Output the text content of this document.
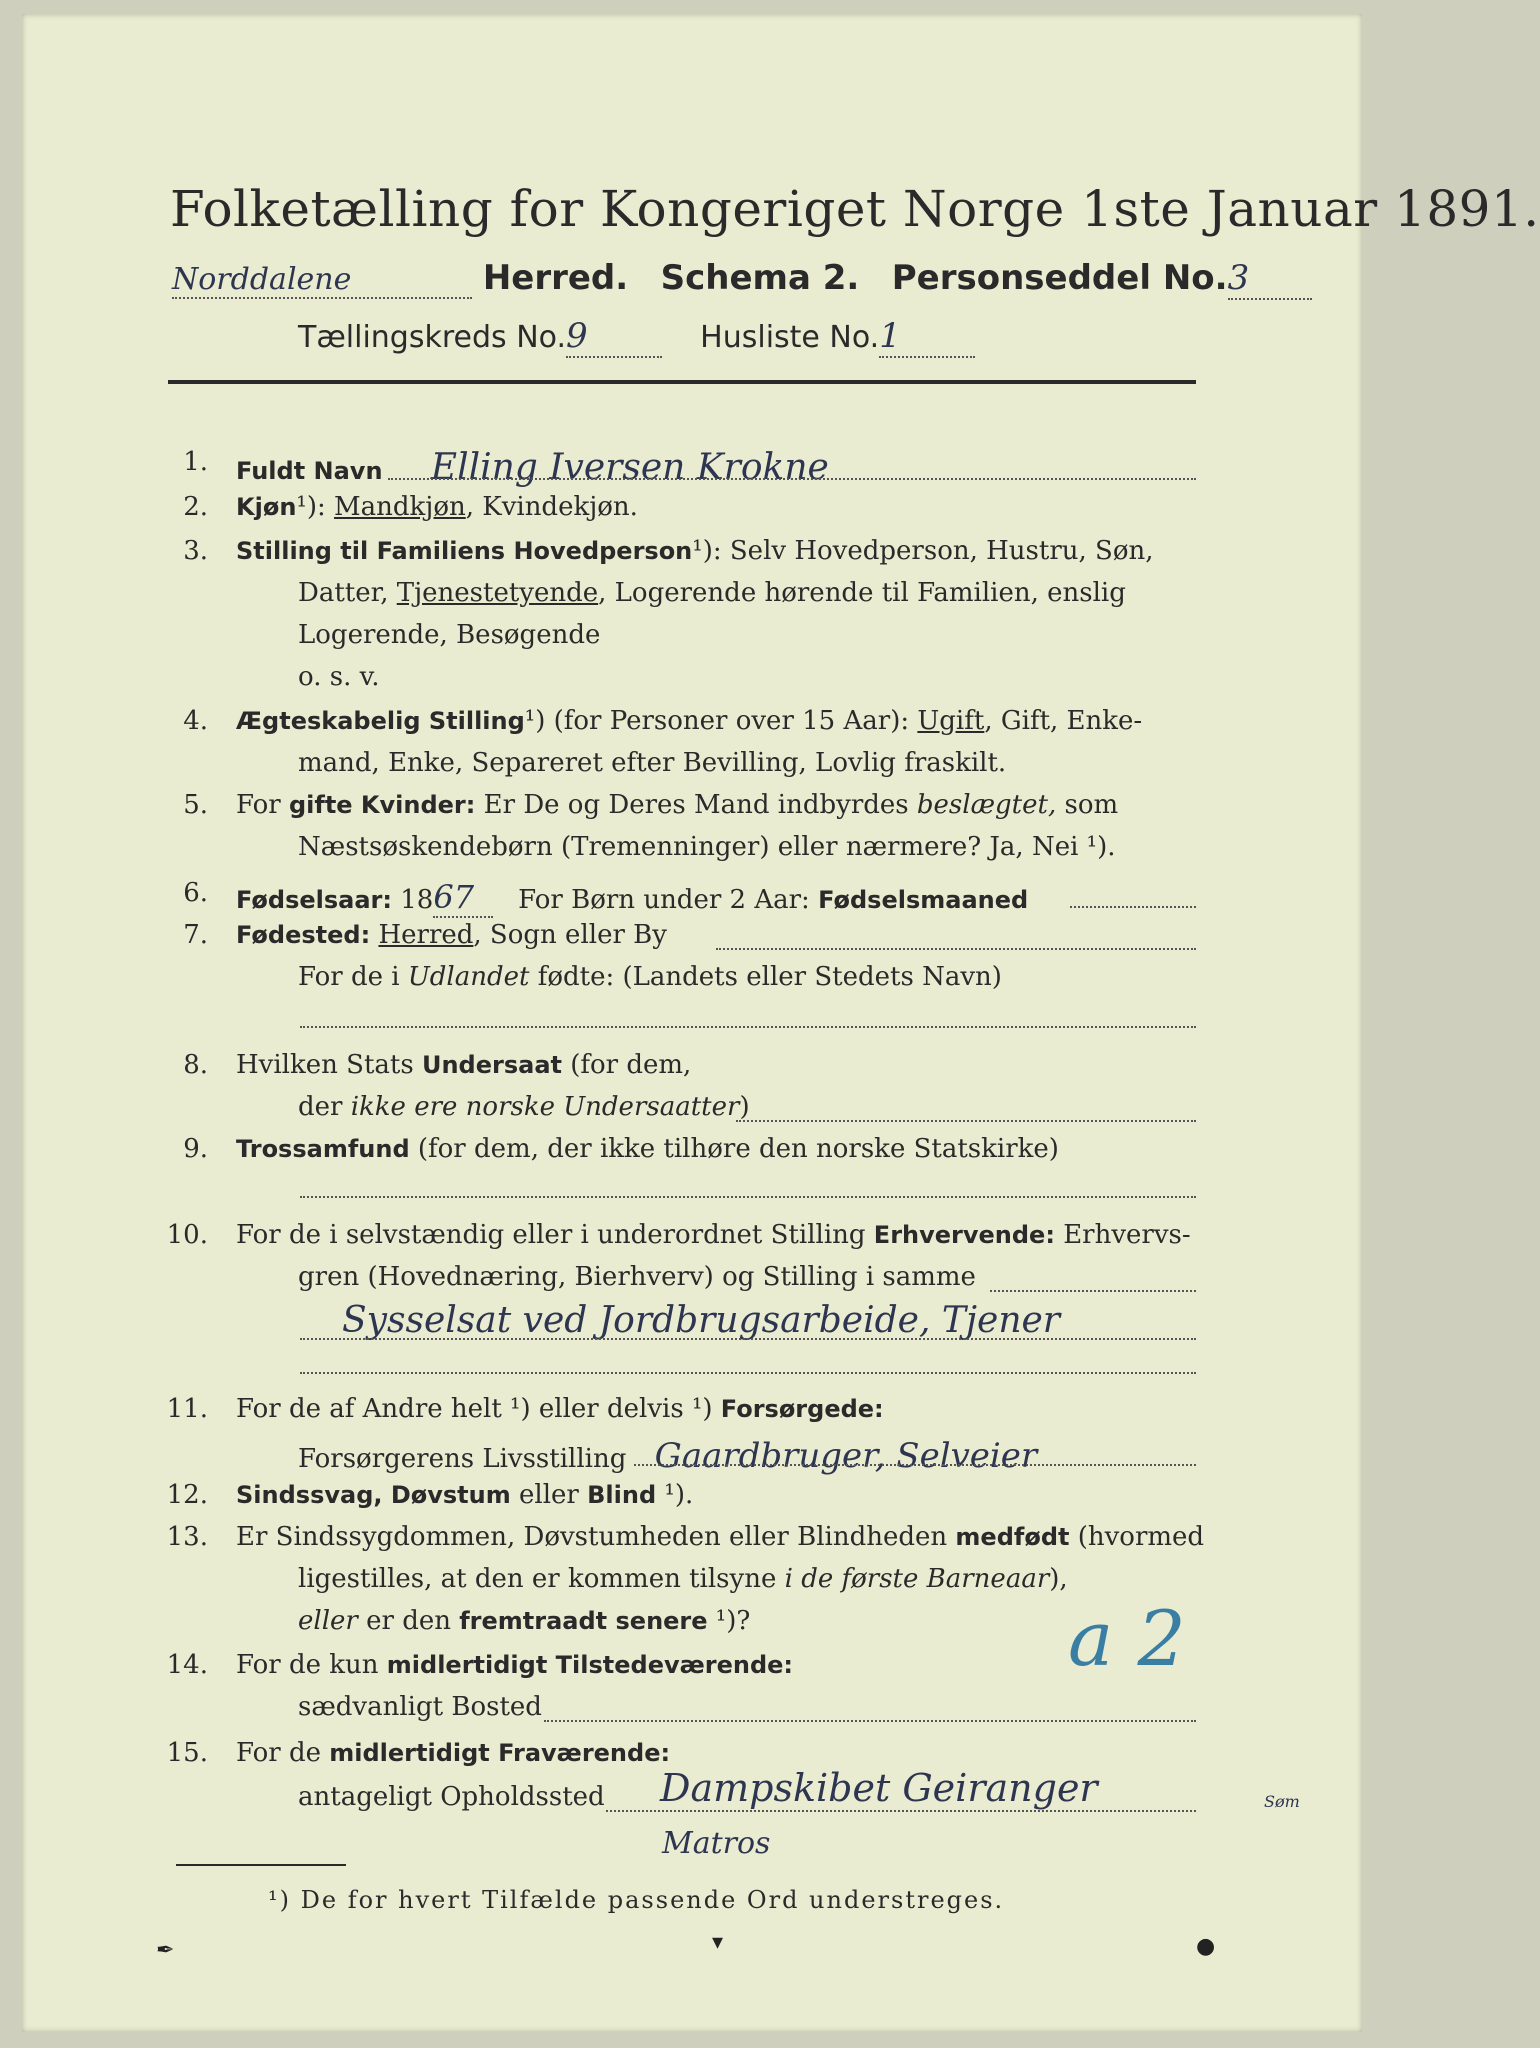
Folketælling for Kongeriget Norge 1ste Januar 1891.
Norddalene	Herred. Schema 2. Personseddel No.3
Tællingskreds No.9	Husliste No.1
1. Fuldt Navn Elling Iversen Krokne
2. Kjøn¹): Mandkjøn, Kvindekjøn.
3. Stilling til Familiens Hovedperson¹): Selv Hovedperson, Hustru, Søn,
Datter, Tjenestetyende, Logerende hørende til Familien, enslig
Logerende, Besøgende
o. s. v.
4. Ægteskabelig Stilling¹) (for Personer over 15 Aar): Ugift, Gift, Enke-
mand, Enke, Separeret efter Bevilling, Lovlig fraskilt.
5. For gifte Kvinder: Er De og Deres Mand indbyrdes beslægtet, som
Næstsøskendebørn (Tremenninger) eller nærmere? Ja, Nei ¹).
6. Fødselsaar: 1867 For Børn under 2 Aar: Fødselsmaaned
7. Fødested: Herred, Sogn eller By
For de i Udlandet fødte: (Landets eller Stedets Navn)
8. Hvilken Stats Undersaat (for dem,
der ikke ere norske Undersaatter)
9. Trossamfund (for dem, der ikke tilhøre den norske Statskirke)
10. For de i selvstændig eller i underordnet Stilling Erhvervende: Erhvervs-
gren (Hovednæring, Bierhverv) og Stilling i samme
Sysselsat ved Jordbrugsarbeide, Tjener
11. For de af Andre helt ¹) eller delvis ¹) Forsørgede:
Forsørgerens Livsstilling Gaardbruger, Selveier
12. Sindssvag, Døvstum eller Blind ¹).
13. Er Sindssygdommen, Døvstumheden eller Blindheden medfødt (hvormed
ligestilles, at den er kommen tilsyne i de første Barneaar),
eller er den fremtraadt senere ¹)?	a 2
14. For de kun midlertidigt Tilstedeværende:
sædvanligt Bosted
15. For de midlertidigt Fraværende:
antageligt Opholdssted Dampskibet Geiranger	Søm
Matros
¹) De for hvert Tilfælde passende Ord understreges.
✒	▾	●
